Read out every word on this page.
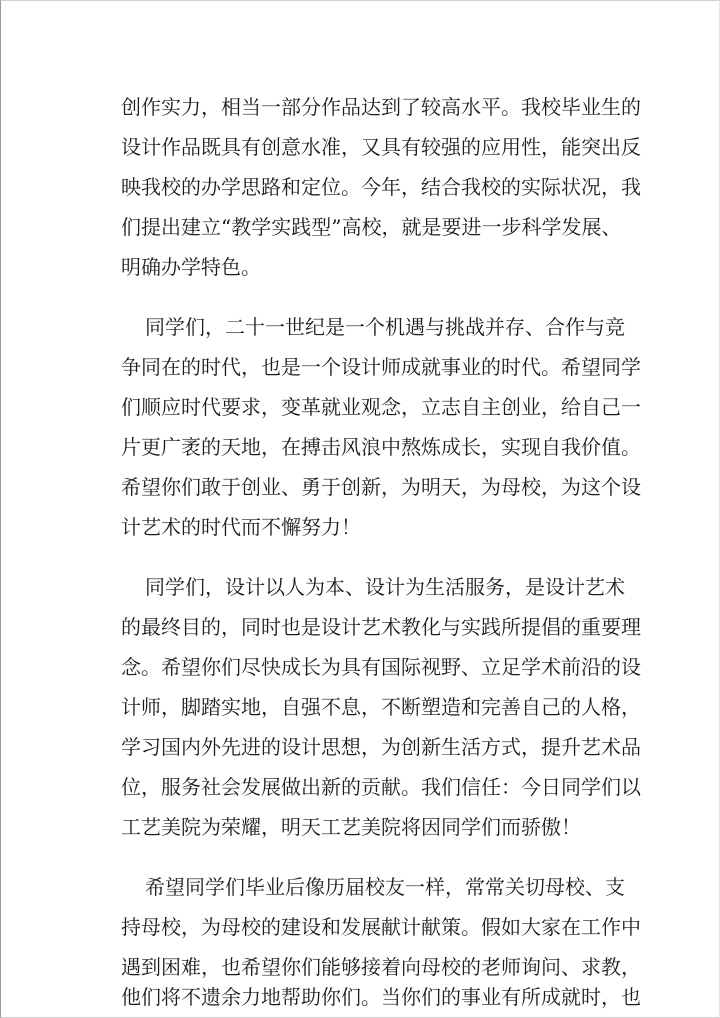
创作实力，相当一部分作品达到了较高水平。我校毕业生的
设计作品既具有创意水准，又具有较强的应用性，能突出反
映我校的办学思路和定位。今年，结合我校的实际状况，我
们提出建立“教学实践型”高校，就是要进一步科学发展、
明确办学特色。
同学们，二十一世纪是一个机遇与挑战并存、合作与竞
争同在的时代，也是一个设计师成就事业的时代。希望同学
们顺应时代要求，变革就业观念，立志自主创业，给自己一
片更广袤的天地，在搏击风浪中熬炼成长，实现自我价值。
希望你们敢于创业、勇于创新，为明天，为母校，为这个设
计艺术的时代而不懈努力！
同学们，设计以人为本、设计为生活服务，是设计艺术
的最终目的，同时也是设计艺术教化与实践所提倡的重要理
念。希望你们尽快成长为具有国际视野、立足学术前沿的设
计师，脚踏实地，自强不息，不断塑造和完善自己的人格，
学习国内外先进的设计思想，为创新生活方式，提升艺术品
位，服务社会发展做出新的贡献。我们信任：今日同学们以
工艺美院为荣耀，明天工艺美院将因同学们而骄傲！
希望同学们毕业后像历届校友一样，常常关切母校、支
持母校，为母校的建设和发展献计献策。假如大家在工作中
遇到困难，也希望你们能够接着向母校的老师询问、求教，
他们将不遗余力地帮助你们。当你们的事业有所成就时，也
